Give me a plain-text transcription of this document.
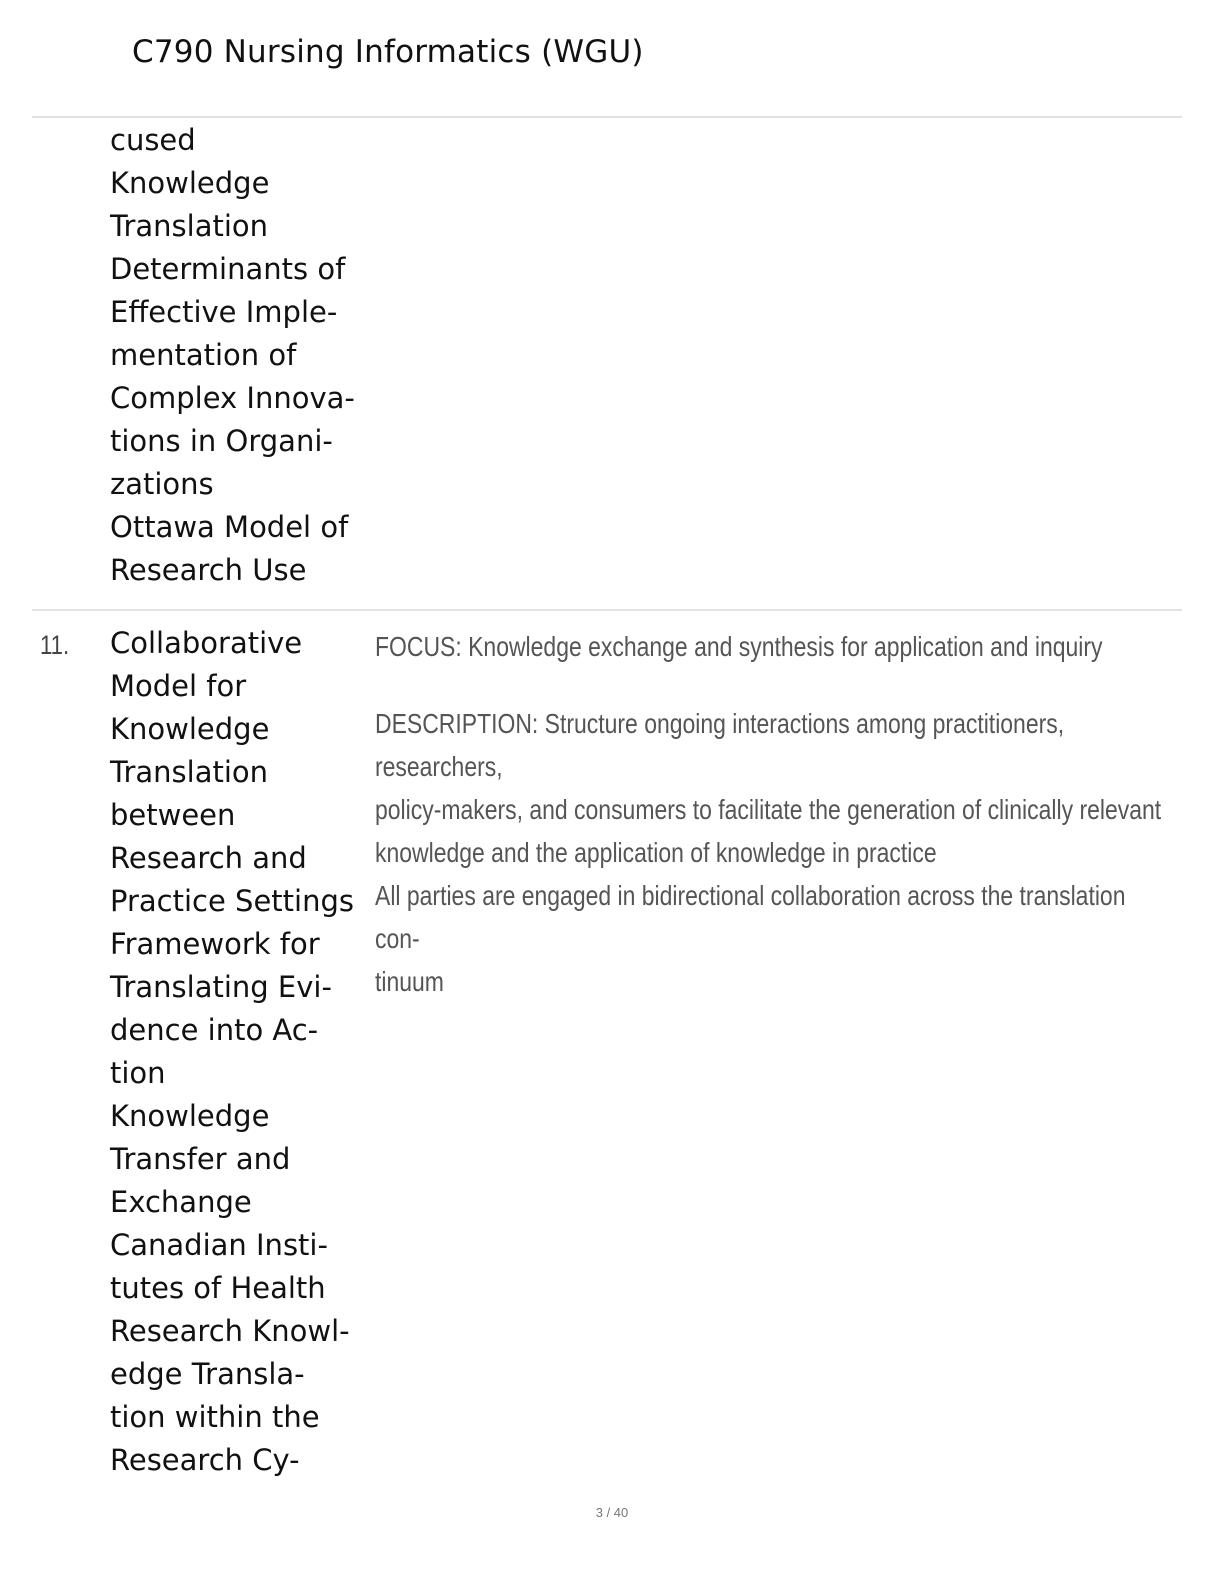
C790 Nursing Informatics (WGU)
cused
Knowledge
Translation
Determinants of
Effective Imple-
mentation of
Complex Innova-
tions in Organi-
zations
Ottawa Model of
Research Use
11. Collaborative
Model for
Knowledge
Translation
between
Research and
Practice Settings
Framework for
Translating Evi-
dence into Ac-
tion
Knowledge
Transfer and
Exchange
Canadian Insti-
tutes of Health
Research Knowl-
edge Transla-
tion within the
Research Cy-

FOCUS: Knowledge exchange and synthesis for application and inquiry

DESCRIPTION: Structure ongoing interactions among practitioners, researchers,

policy-makers, and consumers to facilitate the generation of clinically relevant

knowledge and the application of knowledge in practice

All parties are engaged in bidirectional collaboration across the translation con-

tinuum

3 / 40
